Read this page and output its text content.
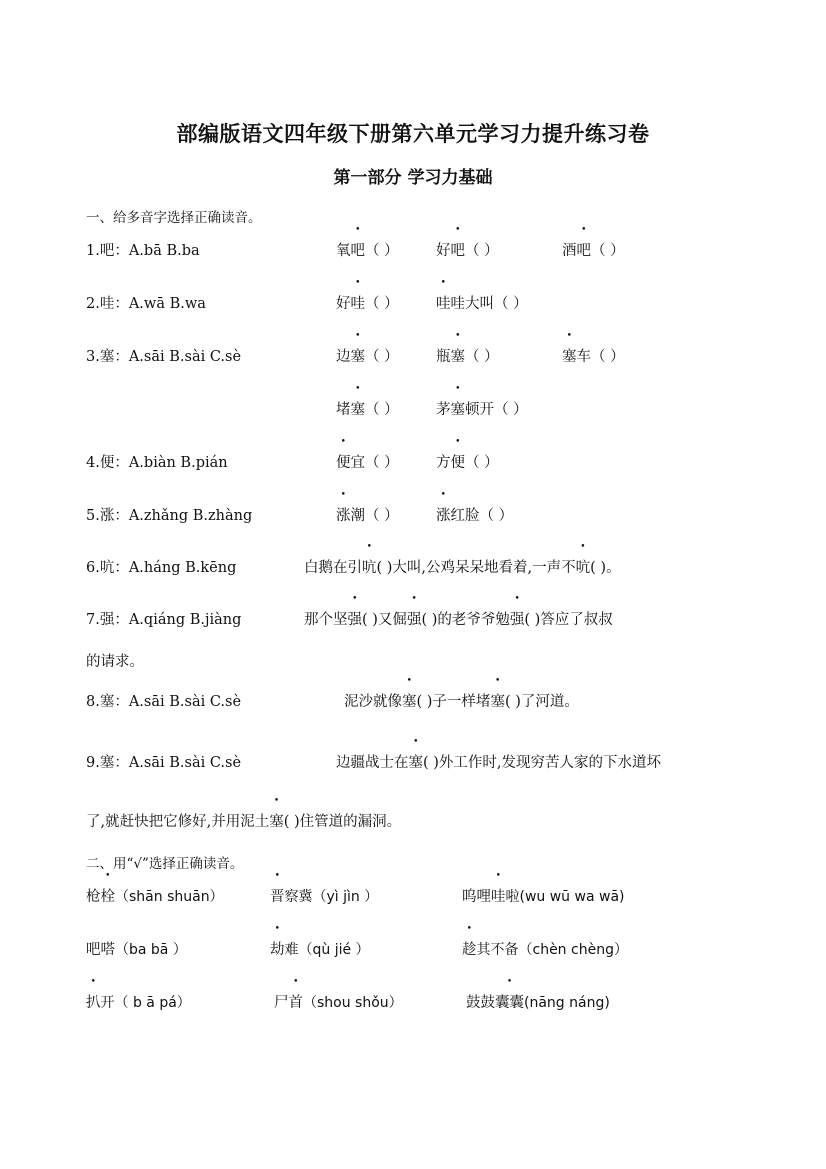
部编版语文四年级下册第六单元学习力提升练习卷
第一部分 学习力基础
一、给多音字选择正确读音。
1.吧：A.bā B.ba	氧吧（ ）	好吧（ ）	酒吧（ ）
2.哇：A.wā B.wa	好哇（ ）	哇哇大叫（ ）
3.塞：A.sāi B.sài C.sè	边塞（ ）	瓶塞（ ）	塞车（ ）
堵塞（ ）	茅塞顿开（ ）
4.便：A.biàn B.pián	便宜（ ）	方便（ ）
5.涨：A.zhǎng B.zhàng	涨潮（ ）	涨红脸（ ）
6.吭：A.háng B.kēng	白鹅在引吭( )大叫,公鸡呆呆地看着,一声不吭( )。
7.强：A.qiáng B.jiàng	那个坚强( )又倔强( )的老爷爷勉强( )答应了叔叔
的请求。
8.塞：A.sāi B.sài C.sè	泥沙就像塞( )子一样堵塞( )了河道。
9.塞：A.sāi B.sài C.sè	边疆战士在塞( )外工作时,发现穷苦人家的下水道坏
了,就赶快把它修好,并用泥土塞( )住管道的漏洞。
二、用“√”选择正确读音。
枪栓（shān shuān）	晋察冀（yì jìn ）	呜哩哇啦(wu wū wa wā)
吧嗒（ba bā ）	劫难（qù jié ）	趁其不备（chèn chèng）
扒开（ b ā pá）	尸首（shou shǒu）	鼓鼓囊囊(nāng náng)
